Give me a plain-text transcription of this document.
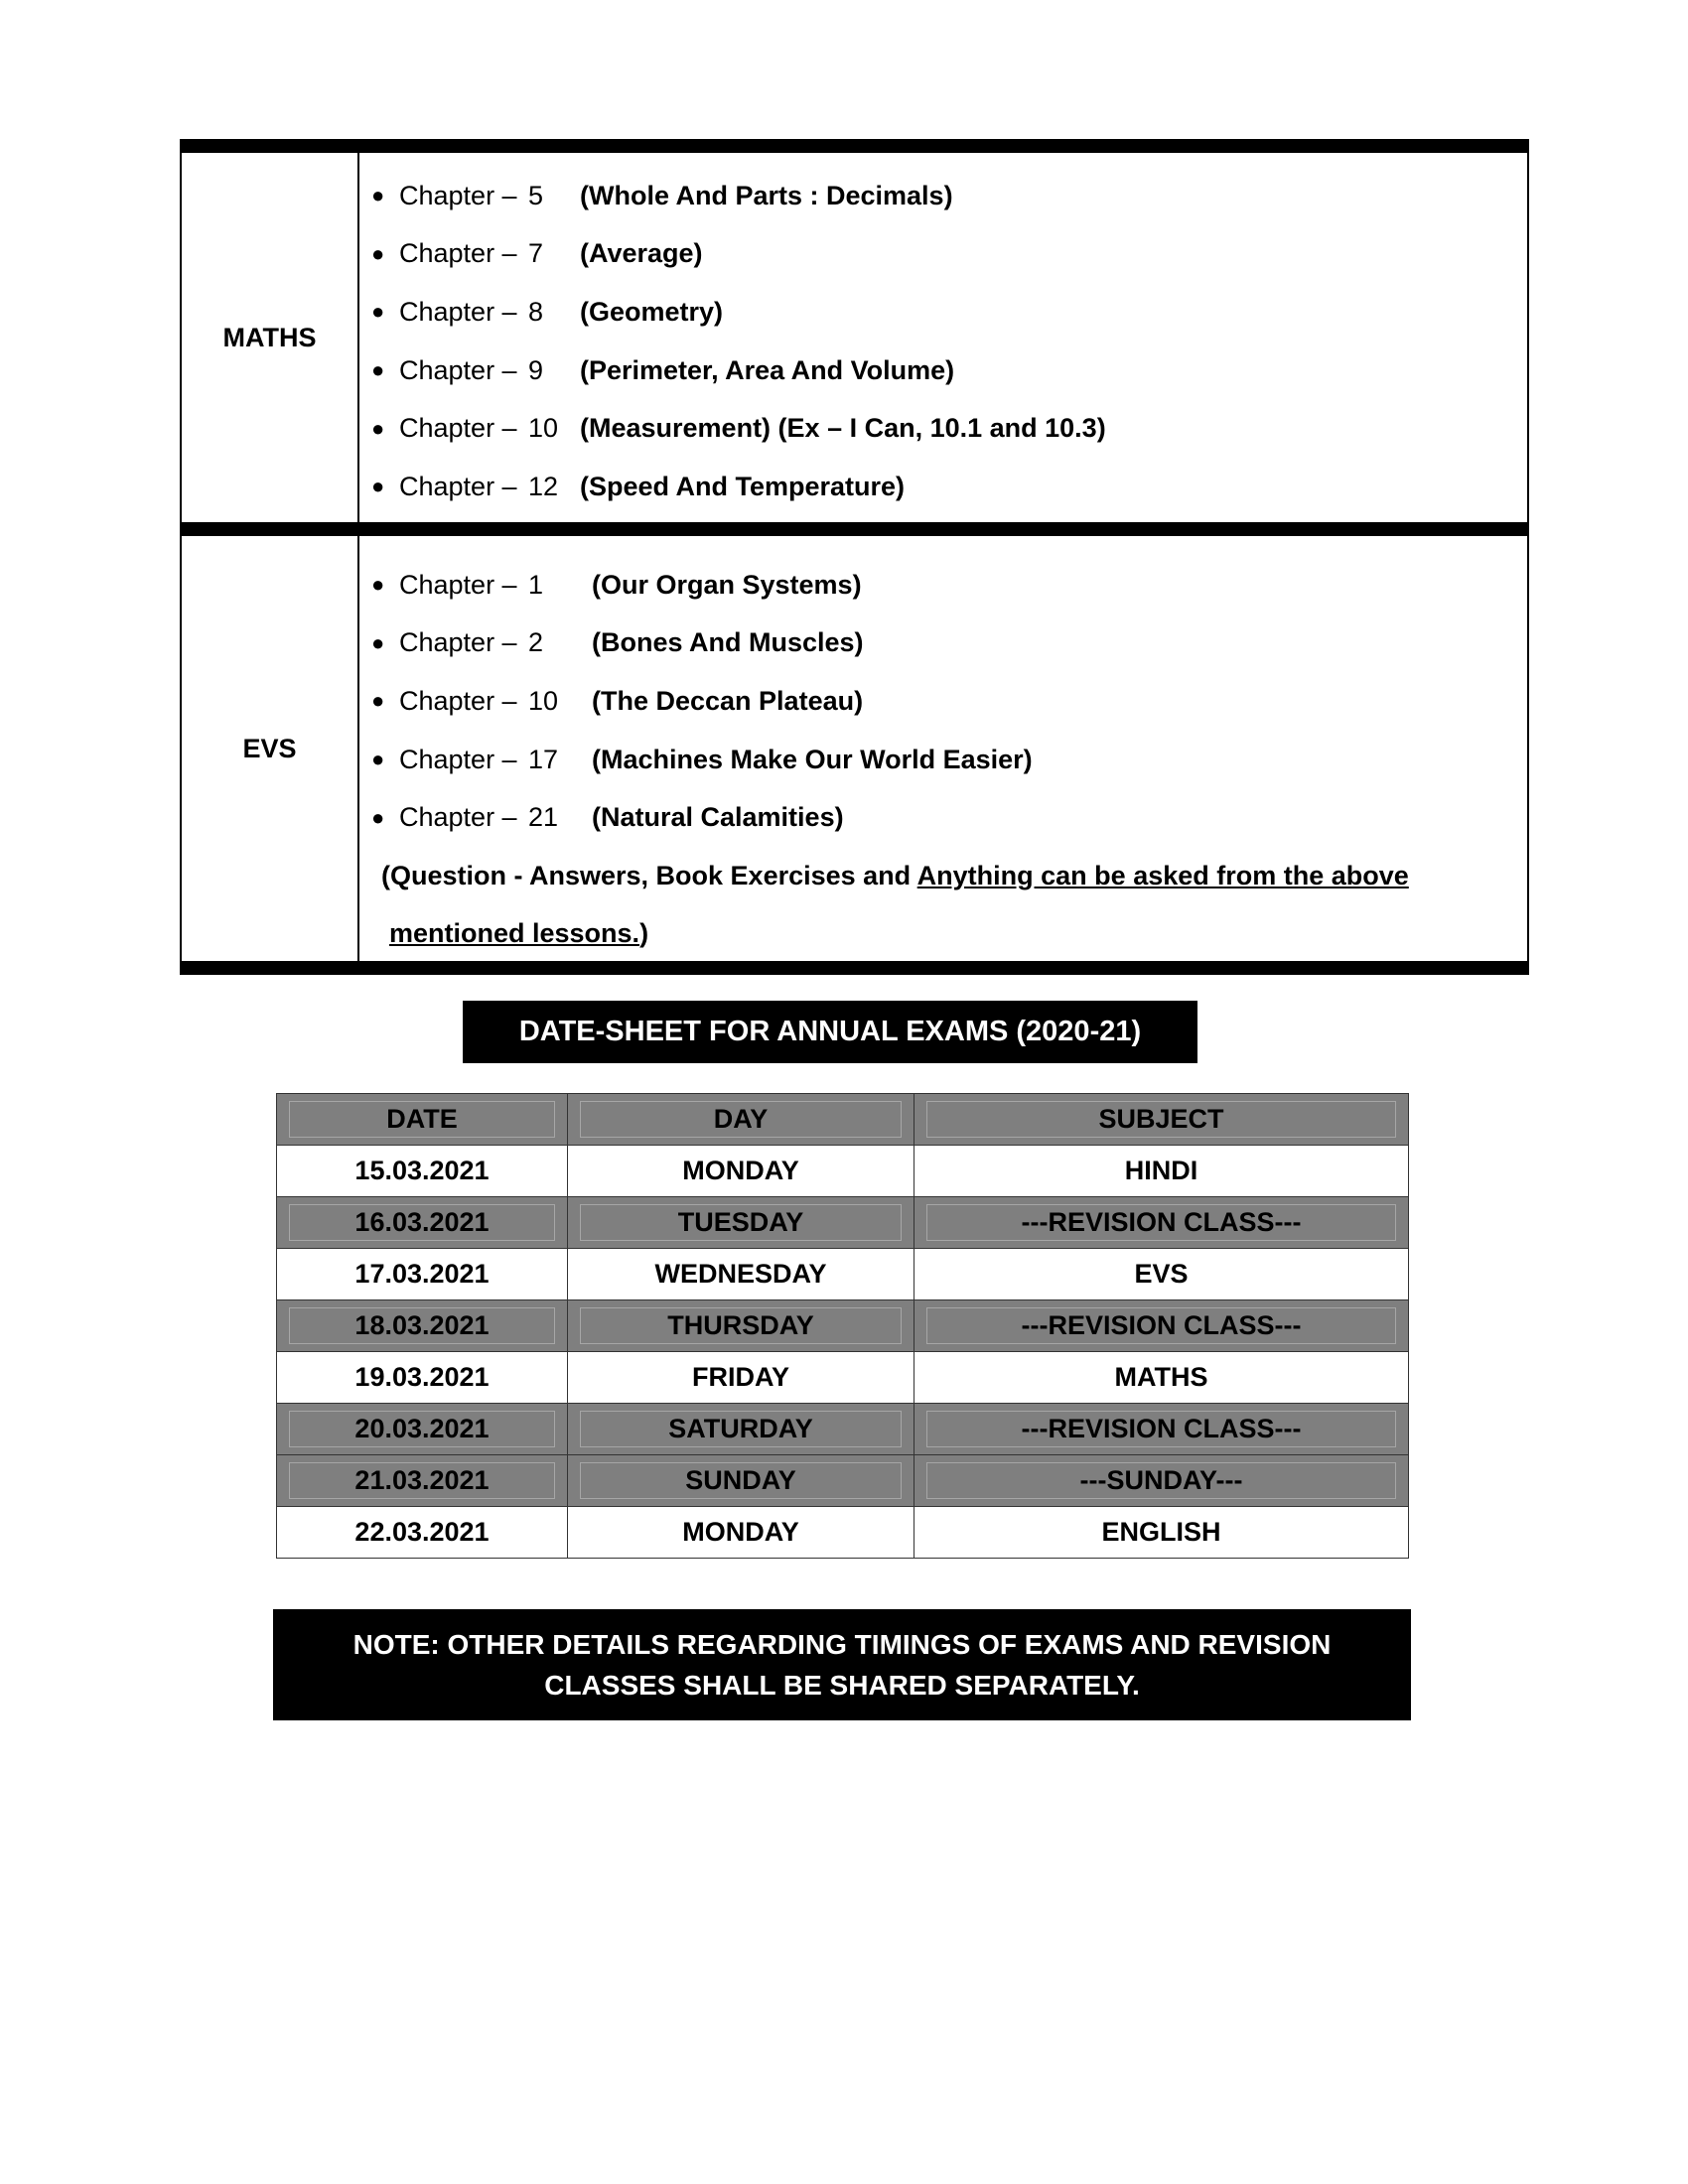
MATHS
● Chapter – 5	(Whole And Parts : Decimals)
● Chapter – 7	(Average)
● Chapter – 8	(Geometry)
● Chapter – 9	(Perimeter, Area And Volume)
● Chapter – 10 (Measurement) (Ex – I Can, 10.1 and 10.3)
● Chapter – 12 (Speed And Temperature)
EVS
● Chapter – 1	(Our Organ Systems)
● Chapter – 2	(Bones And Muscles)
● Chapter – 10	(The Deccan Plateau)
● Chapter – 17	(Machines Make Our World Easier)
● Chapter – 21	(Natural Calamities)
(Question - Answers, Book Exercises and Anything can be asked from the above
mentioned lessons.)
DATE-SHEET FOR ANNUAL EXAMS (2020-21)
DATE	DAY	SUBJECT

15.03.2021	MONDAY	HINDI

16.03.2021	TUESDAY	---REVISION CLASS---

17.03.2021	WEDNESDAY	EVS

18.03.2021	THURSDAY	---REVISION CLASS---

19.03.2021	FRIDAY	MATHS

20.03.2021	SATURDAY	---REVISION CLASS---

21.03.2021	SUNDAY	---SUNDAY---

22.03.2021	MONDAY	ENGLISH
NOTE: OTHER DETAILS REGARDING TIMINGS OF EXAMS AND REVISION
CLASSES SHALL BE SHARED SEPARATELY.
